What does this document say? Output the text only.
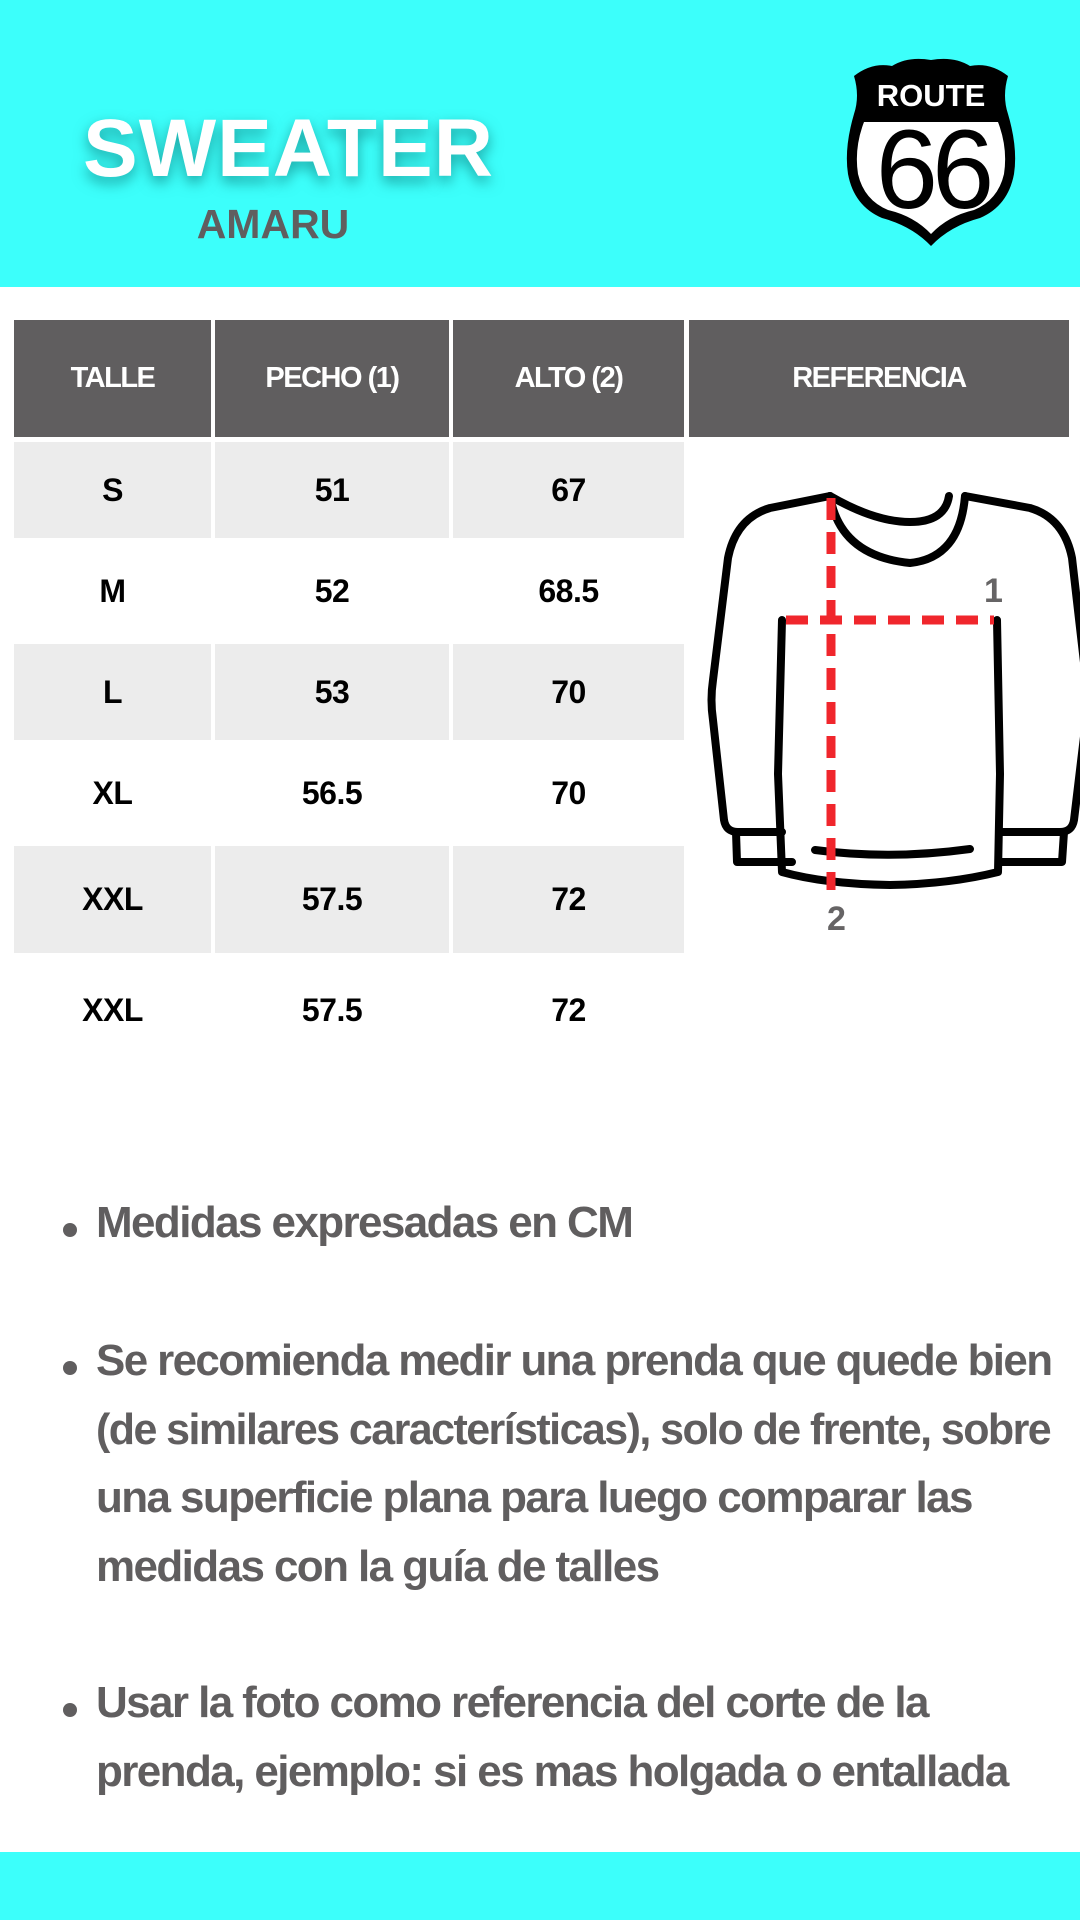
SWEATER
AMARU
ROUTE
66
TALLE	PECHO (1)	ALTO (2)	REFERENCIA
S	51	67
M	52	68.5
L	53	70
XL	56.5	70
XXL	57.5	72
XXL	57.5	72
1
2
Medidas expresadas en CM
Se recomienda medir una prenda que quede bien
(de similares características), solo de frente, sobre
una superficie plana para luego comparar las
medidas con la guía de talles
Usar la foto como referencia del corte de la
prenda, ejemplo: si es mas holgada o entallada
